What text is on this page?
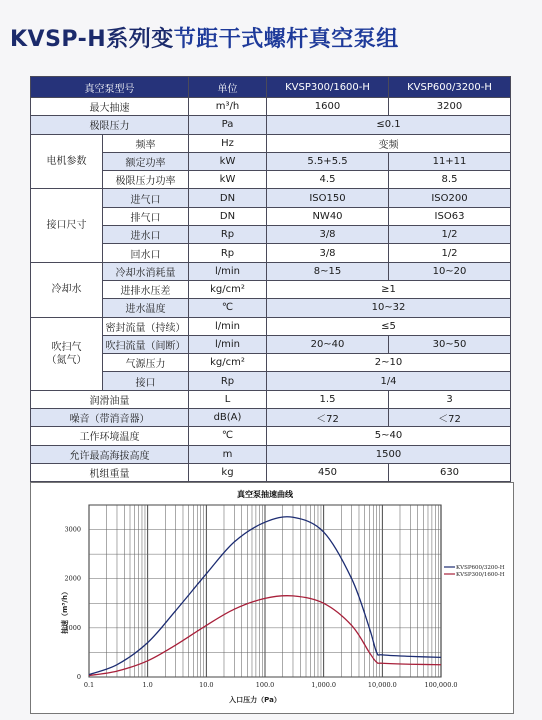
KVSP-H系列变节距干式螺杆真空泵组
真空泵型号		单位	KVSP300/1600-H	KVSP600/3200-H
最大抽速		m³/h	1600	3200
极限压力		Pa	≤0.1	
电机参数	频率	Hz	变频	
	额定功率	kW	5.5+5.5	11+11
	极限压力功率	kW	4.5	8.5
接口尺寸	进气口	DN	ISO150	ISO200
	排气口	DN	NW40	ISO63
	进水口	Rp	3/8	1/2
	回水口	Rp	3/8	1/2
冷却水	冷却水消耗量	l/min	8~15	10~20
	进排水压差	kg/cm²	≥1	
	进水温度	℃	10~32	
吹扫气
（氮气）	密封流量（持续）	l/min	≤5	
	吹扫流量（间断）	l/min	20~40	30~50
	气源压力	kg/cm²	2~10	
	接口	Rp	1/4	
润滑油量		L	1.5	3
噪音（带消音器）		dB(A)	＜72	＜72
工作环境温度		℃	5~40	
允许最高海拔高度		m	1500	
机组重量		kg	450	630

真空泵抽速曲线
0
1000
2000
3000
0.1	1.0	10.0	100.0	1,000.0	10,000.0	100,000.0
入口压力（Pa）
抽速（m³/h）
KVSP300/1600-H
KVSP600/3200-H
